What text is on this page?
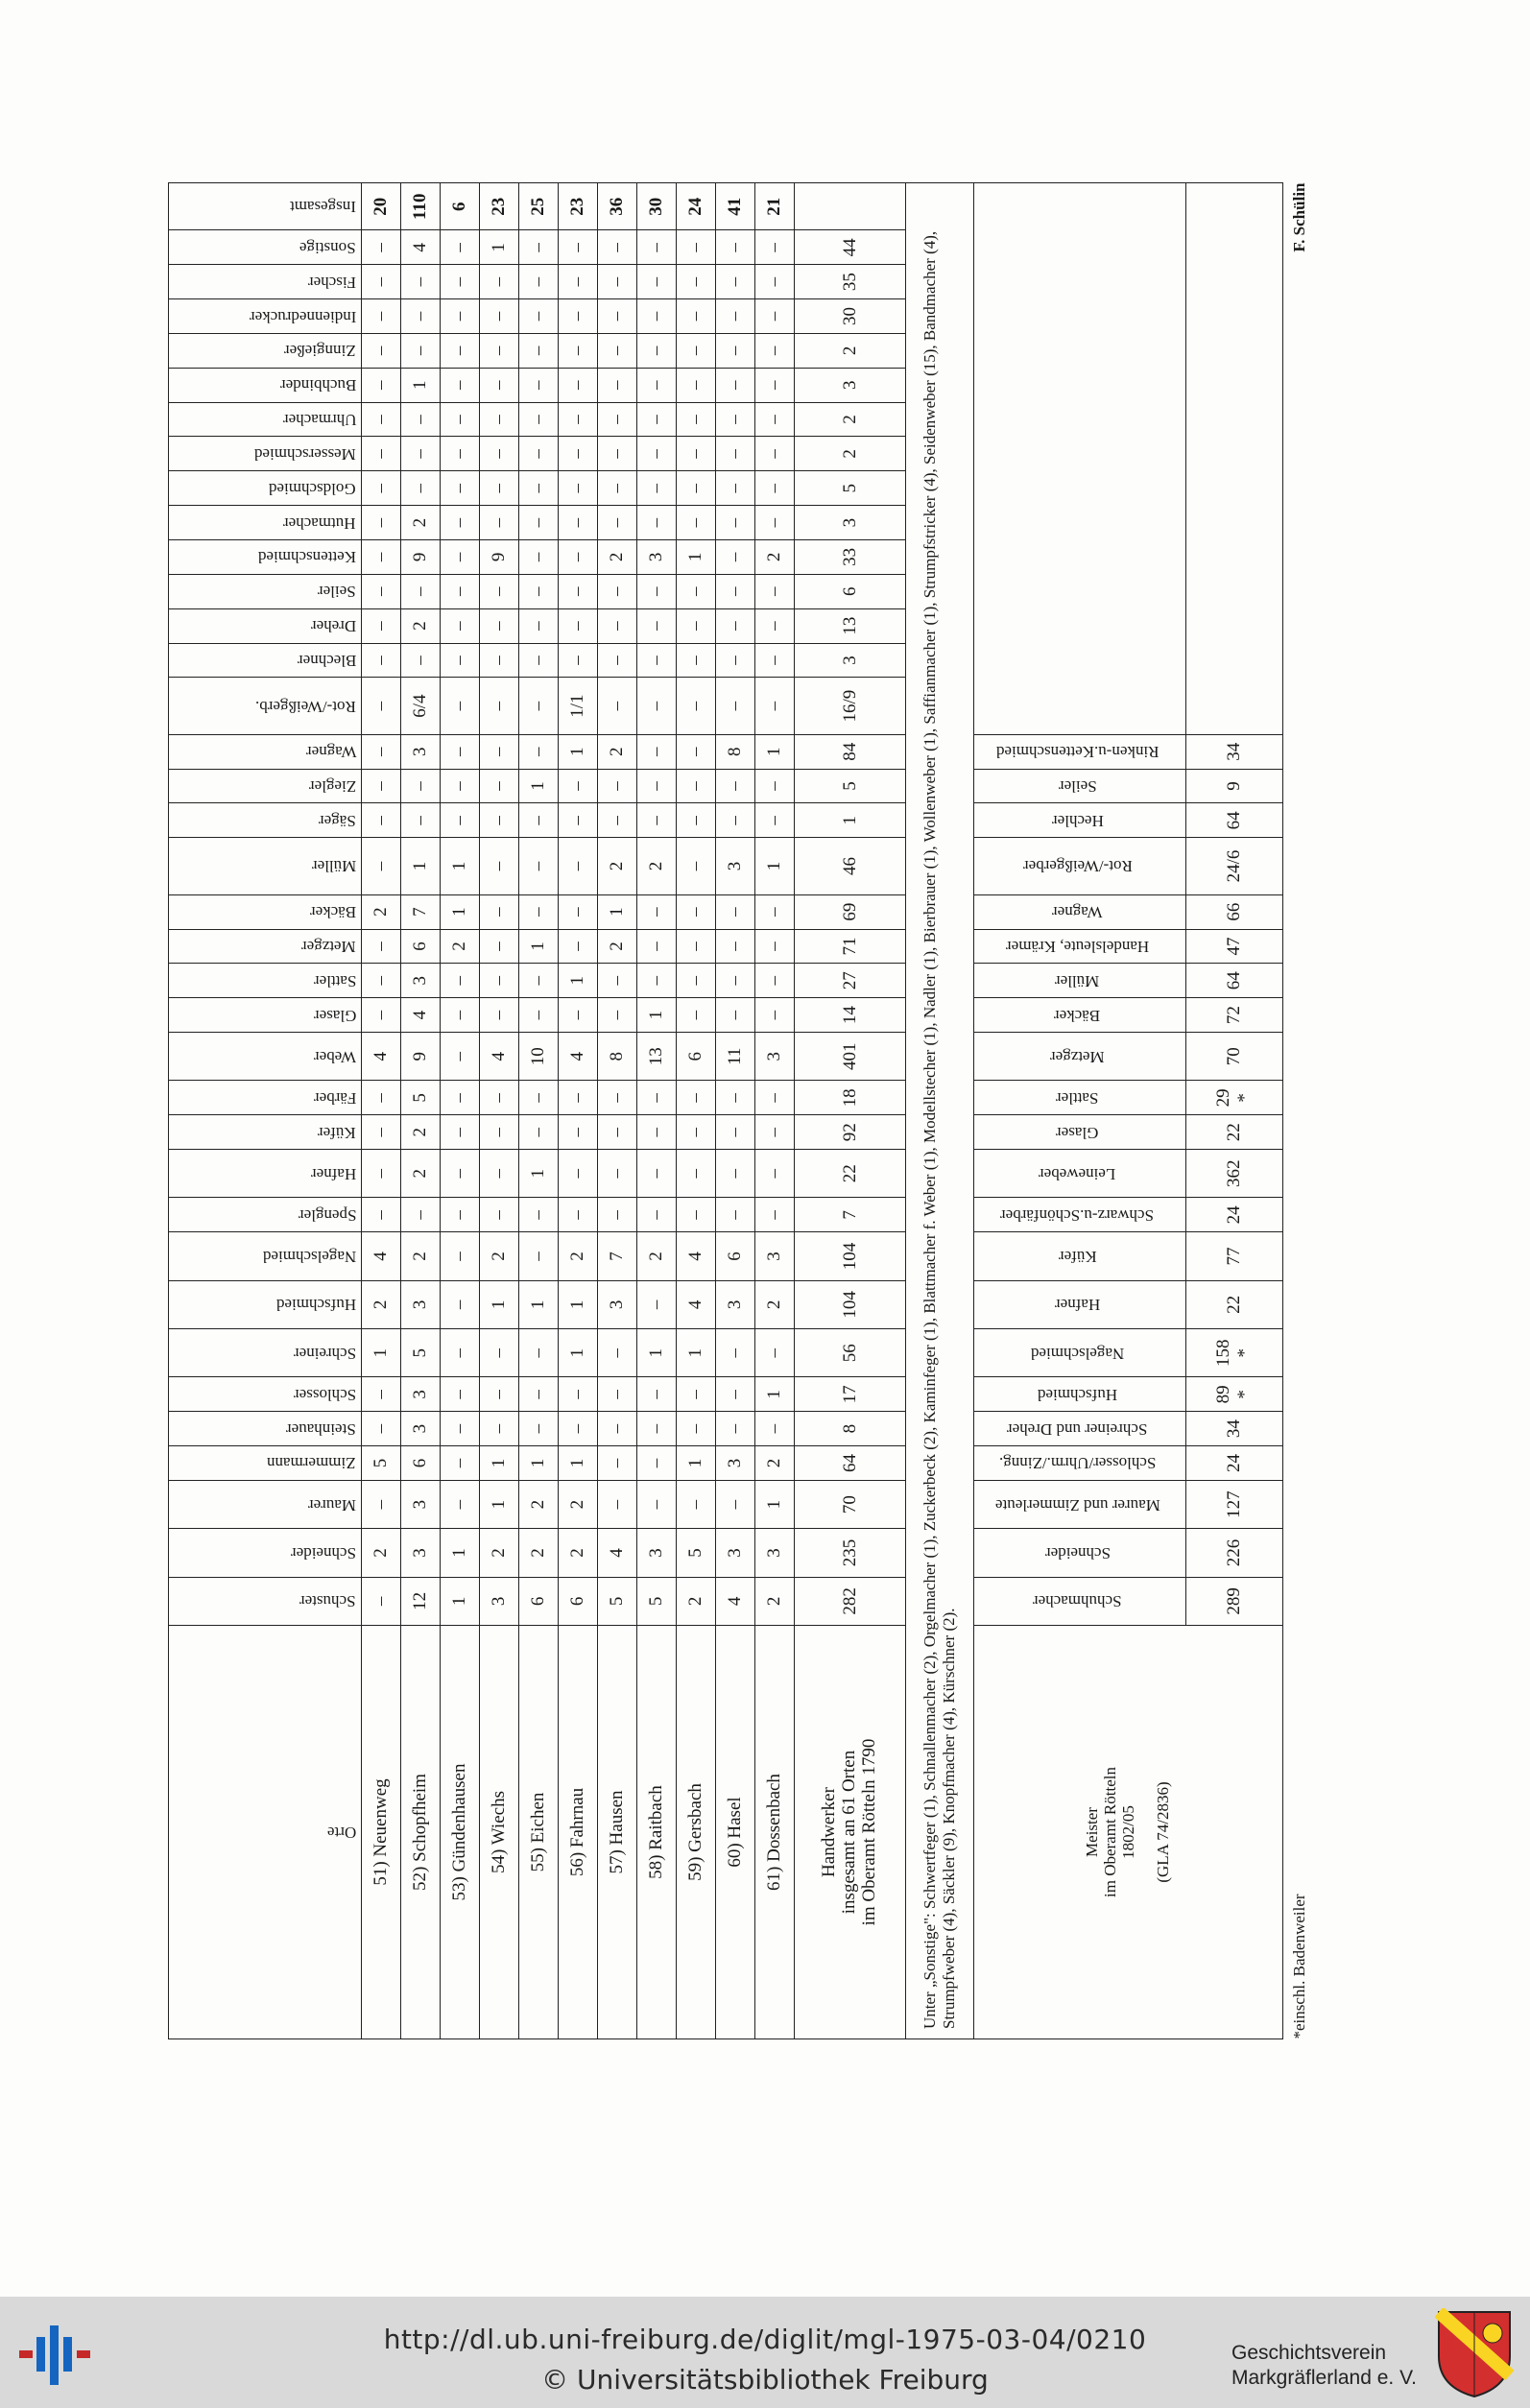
Orte	Schuster	Schneider	Maurer	Zimmermann	Steinhauer	Schlosser	Schreiner	Hufschmied	Nagelschmied	Spengler	Hafner	Küfer	Färber	Weber	Glaser	Sattler	Metzger	Bäcker	Müller	Säger	Ziegler	Wagner	Rot-/Weißgerb.	Blechner	Dreher	Seiler	Kettenschmied	Hutmacher	Goldschmied	Messerschmied	Uhrmacher	Buchbinder	Zinngießer	Indiennedrucker	Fischer	Sonstige	Insgesamt
51) Neuenweg	–	2	–	5	–	–	1	2	4	–	–	–	–	4	–	–	–	2	–	–	–	–	–	–	–	–	–	–	–	–	–	–	–	–	–	–	20
52) Schopfheim	12	3	3	6	3	3	5	3	2	–	2	2	5	9	4	3	6	7	1	–	–	3	6/4	–	2	–	9	2	–	–	–	1	–	–	–	4	110
53) Gündenhausen	1	1	–	–	–	–	–	–	–	–	–	–	–	–	–	–	2	1	1	–	–	–	–	–	–	–	–	–	–	–	–	–	–	–	–	–	6
54) Wiechs	3	2	1	1	–	–	–	1	2	–	–	–	–	4	–	–	–	–	–	–	–	–	–	–	–	–	9	–	–	–	–	–	–	–	–	1	23
55) Eichen	6	2	2	1	–	–	–	1	–	–	1	–	–	10	–	–	1	–	–	–	1	–	–	–	–	–	–	–	–	–	–	–	–	–	–	–	25
56) Fahrnau	6	2	2	1	–	–	1	1	2	–	–	–	–	4	–	1	–	–	–	–	–	1	1/1	–	–	–	–	–	–	–	–	–	–	–	–	–	23
57) Hausen	5	4	–	–	–	–	–	3	7	–	–	–	–	8	–	–	2	1	2	–	–	2	–	–	–	–	2	–	–	–	–	–	–	–	–	–	36
58) Raitbach	5	3	–	–	–	–	1	–	2	–	–	–	–	13	1	–	–	–	2	–	–	–	–	–	–	–	3	–	–	–	–	–	–	–	–	–	30
59) Gersbach	2	5	–	1	–	–	1	4	4	–	–	–	–	6	–	–	–	–	–	–	–	–	–	–	–	–	1	–	–	–	–	–	–	–	–	–	24
60) Hasel	4	3	–	3	–	–	–	3	6	–	–	–	–	11	–	–	–	–	3	–	–	8	–	–	–	–	–	–	–	–	–	–	–	–	–	–	41
61) Dossenbach	2	3	1	2	–	1	–	2	3	–	–	–	–	3	–	–	–	–	1	–	–	1	–	–	–	–	2	–	–	–	–	–	–	–	–	–	21

Handwerker insgesamt an 61 Orten im Oberamt Rötteln 1790	282	235	70	64	8	17	56	104	104	7	22	92	18	401	14	27	71	69	46	1	5	84	16/9	3	13	6	33	3	5	2	2	3	2	30	35	44	
Unter „Sonstige": Schwertfeger (1), Schnallenmacher (2), Orgelmacher (1), Zuckerbeck (2), Kaminfeger (1), Blattmacher f. Weber (1), Modellstecher (1), Nadler (1), Bierbrauer (1), Wollenweber (1), Saffianmacher (1), Strumpfstricker (4), Seidenweber (15), Bandmacher (4), Strumpfweber (4), Säckler (9), Knopfmacher (4), Kürschner (2).																																					

Meister im Oberamt Rötteln 1802/05 (GLA 74/2836)	Schuhmacher	Schneider	Maurer und Zimmerleute	Schlosser/Uhrm./Zinng.	Schreiner und Dreher	Hufschmied	Nagelschmied	Hafner	Küfer	Schwarz-u.Schönfärber	Leineweber	Glaser	Sattler	Metzger	Bäcker	Müller	Handelsleute, Krämer	Wagner	Rot-/Weißgerber	Hechler	Seiler	Rinken-u.Kettenschmied															
	289	226	127	24	34	89 *	158 *	22	77	24	362	22	29 *	70	72	64	47	66	24/6	64	9	34															
*einschl. Badenweiler
F. Schülin																																					
http://dl.ub.uni-freiburg.de/diglit/mgl-1975-03-04/0210
© Universitätsbibliothek Freiburg
Geschichtsverein
Markgräflerland e. V.
